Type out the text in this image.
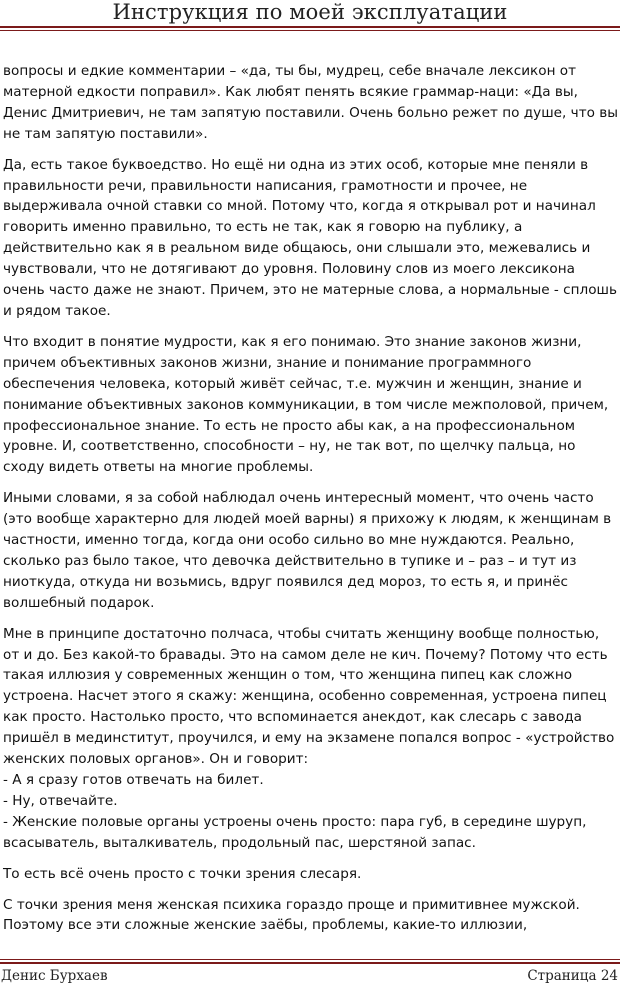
Инструкция по моей эксплуатации

вопросы и едкие комментарии – «да, ты бы, мудрец, себе вначале лексикон от матерной едкости поправил». Как любят пенять всякие граммар-наци: «Да вы, Денис Дмитриевич, не там запятую поставили. Очень больно режет по душе, что вы не там запятую поставили».

Да, есть такое буквоедство. Но ещё ни одна из этих особ, которые мне пеняли в правильности речи, правильности написания, грамотности и прочее, не выдерживала очной ставки со мной. Потому что, когда я открывал рот и начинал говорить именно правильно, то есть не так, как я говорю на публику, а действительно как я в реальном виде общаюсь, они слышали это, межевались и чувствовали, что не дотягивают до уровня. Половину слов из моего лексикона очень часто даже не знают. Причем, это не матерные слова, а нормальные - сплошь и рядом такое.

Что входит в понятие мудрости, как я его понимаю. Это знание законов жизни, причем объективных законов жизни, знание и понимание программного обеспечения человека, который живёт сейчас, т.е. мужчин и женщин, знание и понимание объективных законов коммуникации, в том числе межполовой, причем, профессиональное знание. То есть не просто абы как, а на профессиональном уровне. И, соответственно, способности – ну, не так вот, по щелчку пальца, но сходу видеть ответы на многие проблемы.

Иными словами, я за собой наблюдал очень интересный момент, что очень часто (это вообще характерно для людей моей варны) я прихожу к людям, к женщинам в частности, именно тогда, когда они особо сильно во мне нуждаются. Реально, сколько раз было такое, что девочка действительно в тупике и – раз – и тут из ниоткуда, откуда ни возьмись, вдруг появился дед мороз, то есть я, и принёс волшебный подарок.

Мне в принципе достаточно полчаса, чтобы считать женщину вообще полностью, от и до. Без какой-то бравады. Это на самом деле не кич. Почему? Потому что есть такая иллюзия у современных женщин о том, что женщина пипец как сложно устроена. Насчет этого я скажу: женщина, особенно современная, устроена пипец как просто. Настолько просто, что вспоминается анекдот, как слесарь с завода пришёл в мединститут, проучился, и ему на экзамене попался вопрос - «устройство женских половых органов». Он и говорит:
- А я сразу готов отвечать на билет.
- Ну, отвечайте.
- Женские половые органы устроены очень просто: пара губ, в середине шуруп, всасыватель, выталкиватель, продольный пас, шерстяной запас.

То есть всё очень просто с точки зрения слесаря.

С точки зрения меня женская психика гораздо проще и примитивнее мужской. Поэтому все эти сложные женские заёбы, проблемы, какие-то иллюзии,

Денис Бурхаев	Страница 24
